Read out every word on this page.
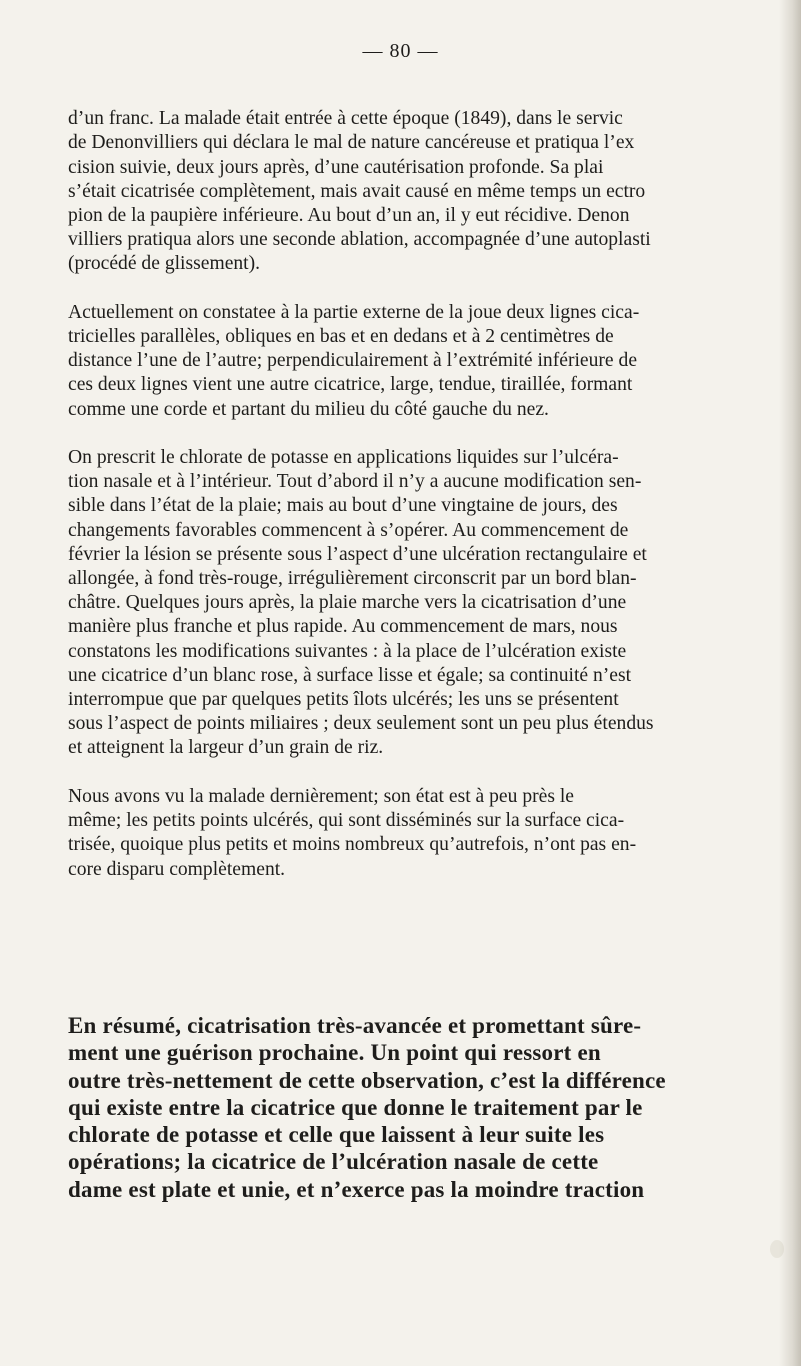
— 80 —

d’un franc. La malade était entrée à cette époque (1849), dans le servic
de Denonvilliers qui déclara le mal de nature cancéreuse et pratiqua l’ex
cision suivie, deux jours après, d’une cautérisation profonde. Sa plai
s’était cicatrisée complètement, mais avait causé en même temps un ectro
pion de la paupière inférieure. Au bout d’un an, il y eut récidive. Denon
villiers pratiqua alors une seconde ablation, accompagnée d’une autoplasti
(procédé de glissement).

Actuellement on constatee à la partie externe de la joue deux lignes cica-
tricielles parallèles, obliques en bas et en dedans et à 2 centimètres de
distance l’une de l’autre; perpendiculairement à l’extrémité inférieure de
ces deux lignes vient une autre cicatrice, large, tendue, tiraillée, formant
comme une corde et partant du milieu du côté gauche du nez.

On prescrit le chlorate de potasse en applications liquides sur l’ulcéra-
tion nasale et à l’intérieur. Tout d’abord il n’y a aucune modification sen-
sible dans l’état de la plaie; mais au bout d’une vingtaine de jours, des
changements favorables commencent à s’opérer. Au commencement de
février la lésion se présente sous l’aspect d’une ulcération rectangulaire et
allongée, à fond très-rouge, irrégulièrement circonscrit par un bord blan-
châtre. Quelques jours après, la plaie marche vers la cicatrisation d’une
manière plus franche et plus rapide. Au commencement de mars, nous
constatons les modifications suivantes : à la place de l’ulcération existe
une cicatrice d’un blanc rose, à surface lisse et égale; sa continuité n’est
interrompue que par quelques petits îlots ulcérés; les uns se présentent
sous l’aspect de points miliaires ; deux seulement sont un peu plus étendus
et atteignent la largeur d’un grain de riz.

Nous avons vu la malade dernièrement; son état est à peu près le
même; les petits points ulcérés, qui sont disséminés sur la surface cica-
trisée, quoique plus petits et moins nombreux qu’autrefois, n’ont pas en-
core disparu complètement.

En résumé, cicatrisation très-avancée et promettant sûre-
ment une guérison prochaine. Un point qui ressort en
outre très-nettement de cette observation, c’est la différence
qui existe entre la cicatrice que donne le traitement par le
chlorate de potasse et celle que laissent à leur suite les
opérations; la cicatrice de l’ulcération nasale de cette
dame est plate et unie, et n’exerce pas la moindre traction
